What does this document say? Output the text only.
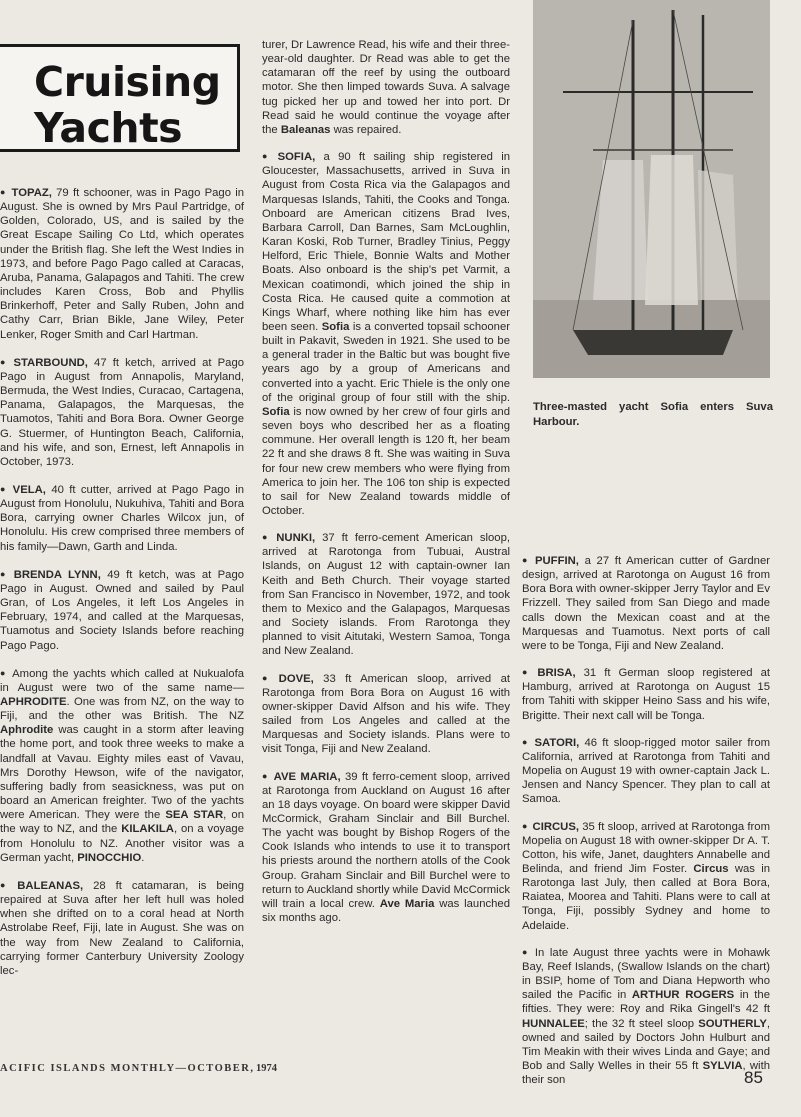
Cruising
Yachts

● TOPAZ, 79 ft schooner, was in Pago Pago in August. She is owned by Mrs Paul Partridge, of Golden, Colorado, US, and is sailed by the Great Escape Sailing Co Ltd, which operates under the British flag. She left the West Indies in 1973, and before Pago Pago called at Caracas, Aruba, Panama, Galapagos and Tahiti. The crew includes Karen Cross, Bob and Phyllis Brinkerhoff, Peter and Sally Ruben, John and Cathy Carr, Brian Bikle, Jane Wiley, Peter Lenker, Roger Smith and Carl Hartman.

● STARBOUND, 47 ft ketch, arrived at Pago Pago in August from Annapolis, Maryland, Bermuda, the West Indies, Curacao, Cartagena, Panama, Galapagos, the Marquesas, the Tuamotos, Tahiti and Bora Bora. Owner George G. Stuermer, of Huntington Beach, California, and his wife, and son, Ernest, left Annapolis in October, 1973.

● VELA, 40 ft cutter, arrived at Pago Pago in August from Honolulu, Nukuhiva, Tahiti and Bora Bora, carrying owner Charles Wilcox jun, of Honolulu. His crew comprised three members of his family—Dawn, Garth and Linda.

● BRENDA LYNN, 49 ft ketch, was at Pago Pago in August. Owned and sailed by Paul Gran, of Los Angeles, it left Los Angeles in February, 1974, and called at the Marquesas, Tuamotus and Society Islands before reaching Pago Pago.

● Among the yachts which called at Nukualofa in August were two of the same name—APHRODITE. One was from NZ, on the way to Fiji, and the other was British. The NZ Aphrodite was caught in a storm after leaving the home port, and took three weeks to make a landfall at Vavau. Eighty miles east of Vavau, Mrs Dorothy Hewson, wife of the navigator, suffering badly from seasickness, was put on board an American freighter. Two of the yachts were American. They were the SEA STAR, on the way to NZ, and the KILAKILA, on a voyage from Honolulu to NZ. Another visitor was a German yacht, PINOCCHIO.

● BALEANAS, 28 ft catamaran, is being repaired at Suva after her left hull was holed when she drifted on to a coral head at North Astrolabe Reef, Fiji, late in August. She was on the way from New Zealand to California, carrying former Canterbury University Zoology lec-

turer, Dr Lawrence Read, his wife and their three-year-old daughter. Dr Read was able to get the catamaran off the reef by using the outboard motor. She then limped towards Suva. A salvage tug picked her up and towed her into port. Dr Read said he would continue the voyage after the Baleanas was repaired.

● SOFIA, a 90 ft sailing ship registered in Gloucester, Massachusetts, arrived in Suva in August from Costa Rica via the Galapagos and Marquesas Islands, Tahiti, the Cooks and Tonga. Onboard are American citizens Brad Ives, Barbara Carroll, Dan Barnes, Sam McLoughlin, Karan Koski, Rob Turner, Bradley Tinius, Peggy Helford, Eric Thiele, Bonnie Walts and Mother Boats. Also onboard is the ship's pet Varmit, a Mexican coatimondi, which joined the ship in Costa Rica. He caused quite a commotion at Kings Wharf, where nothing like him has ever been seen. Sofia is a converted topsail schooner built in Pakavit, Sweden in 1921. She used to be a general trader in the Baltic but was bought five years ago by a group of Americans and converted into a yacht. Eric Thiele is the only one of the original group of four still with the ship. Sofia is now owned by her crew of four girls and seven boys who described her as a floating commune. Her overall length is 120 ft, her beam 22 ft and she draws 8 ft. She was waiting in Suva for four new crew members who were flying from America to join her. The 106 ton ship is expected to sail for New Zealand towards middle of October.

● NUNKI, 37 ft ferro-cement American sloop, arrived at Rarotonga from Tubuai, Austral Islands, on August 12 with captain-owner Ian Keith and Beth Church. Their voyage started from San Francisco in November, 1972, and took them to Mexico and the Galapagos, Marquesas and Society islands. From Rarotonga they planned to visit Aitutaki, Western Samoa, Tonga and New Zealand.

● DOVE, 33 ft American sloop, arrived at Rarotonga from Bora Bora on August 16 with owner-skipper David Alfson and his wife. They sailed from Los Angeles and called at the Marquesas and Society islands. Plans were to visit Tonga, Fiji and New Zealand.

● AVE MARIA, 39 ft ferro-cement sloop, arrived at Rarotonga from Auckland on August 16 after an 18 days voyage. On board were skipper David McCormick, Graham Sinclair and Bill Burchel. The yacht was bought by Bishop Rogers of the Cook Islands who intends to use it to transport his priests around the northern atolls of the Cook Group. Graham Sinclair and Bill Burchel were to return to Auckland shortly while David McCormick will train a local crew. Ave Maria was launched six months ago.

Three-masted yacht Sofia enters Suva Harbour.

● PUFFIN, a 27 ft American cutter of Gardner design, arrived at Rarotonga on August 16 from Bora Bora with owner-skipper Jerry Taylor and Ev Frizzell. They sailed from San Diego and made calls down the Mexican coast and at the Marquesas and Tuamotus. Next ports of call were to be Tonga, Fiji and New Zealand.

● BRISA, 31 ft German sloop registered at Hamburg, arrived at Rarotonga on August 15 from Tahiti with skipper Heino Sass and his wife, Brigitte. Their next call will be Tonga.

● SATORI, 46 ft sloop-rigged motor sailer from California, arrived at Rarotonga from Tahiti and Mopelia on August 19 with owner-captain Jack L. Jensen and Nancy Spencer. They plan to call at Samoa.

● CIRCUS, 35 ft sloop, arrived at Rarotonga from Mopelia on August 18 with owner-skipper Dr A. T. Cotton, his wife, Janet, daughters Annabelle and Belinda, and friend Jim Foster. Circus was in Rarotonga last July, then called at Bora Bora, Raiatea, Moorea and Tahiti. Plans were to call at Tonga, Fiji, possibly Sydney and home to Adelaide.

● In late August three yachts were in Mohawk Bay, Reef Islands, (Swallow Islands on the chart) in BSIP, home of Tom and Diana Hepworth who sailed the Pacific in ARTHUR ROGERS in the fifties. They were: Roy and Rika Gingell's 42 ft HUNNALEE; the 32 ft steel sloop SOUTHERLY, owned and sailed by Doctors John Hulburt and Tim Meakin with their wives Linda and Gaye; and Bob and Sally Welles in their 55 ft SYLVIA, with their son

ACIFIC ISLANDS MONTHLY—OCTOBER, 1974	85
